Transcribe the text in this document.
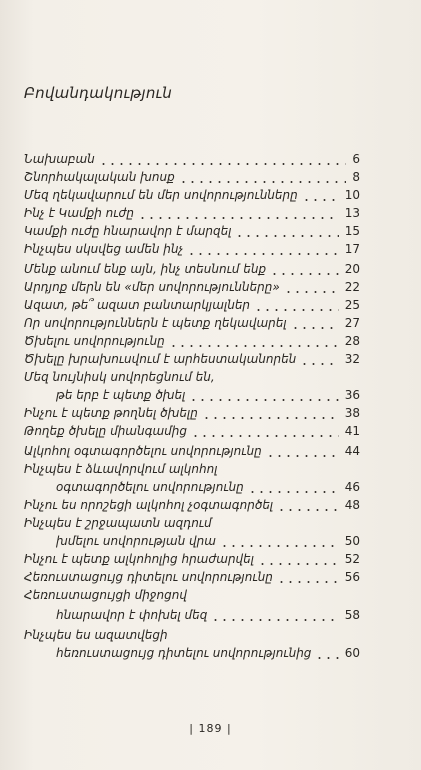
Բովանդակություն
Նախաբան	6
Շնորհակալական խոսք	8
Մեզ ղեկավարում են մեր սովորությունները	10
Ինչ է Կամքի ուժը	13
Կամքի ուժը հնարավոր է մարզել	15
Ինչպես սկսվեց ամեն ինչ	17
Մենք անում ենք այն, ինչ տեսնում ենք	20
Արդյոք մերն են «մեր սովորությունները»	22
Ազատ, թե՞ ազատ բանտարկյալներ	25
Որ սովորություններն է պետք ղեկավարել	27
Ծխելու սովորությունը	28
Ծխելը խրախուսվում է արհեստականորեն	32
Մեզ նույնիսկ սովորեցնում են,
թե երբ է պետք ծխել	36
Ինչու է պետք թողնել ծխելը	38
Թողեք ծխելը միանգամից	41
Ալկոհոլ օգտագործելու սովորությունը	44
Ինչպես է ձևավորվում ալկոհոլ
օգտագործելու սովորությունը	46
Ինչու ես որոշեցի ալկոհոլ չօգտագործել	48
Ինչպես է շրջապատն ազդում
խմելու սովորության վրա	50
Ինչու է պետք ալկոհոլից հրաժարվել	52
Հեռուստացույց դիտելու սովորությունը	56
Հեռուստացույցի միջոցով
հնարավոր է փոխել մեզ	58
Ինչպես ես ազատվեցի
հեռուստացույց դիտելու սովորությունից	60
| 189 |
